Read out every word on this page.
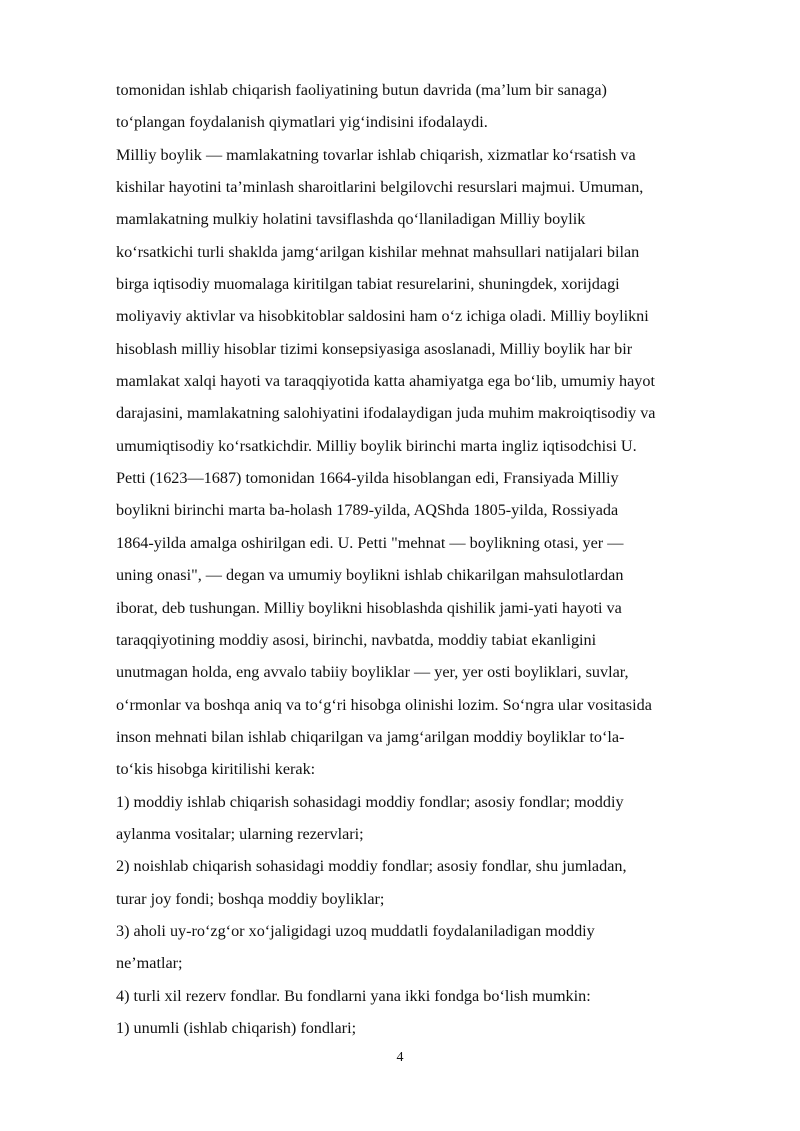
tomonidan ishlab chiqarish faoliyatining butun davrida (ma’lum bir sanaga)
to‘plangan foydalanish qiymatlari yig‘indisini ifodalaydi.
Milliy boylik — mamlakatning tovarlar ishlab chiqarish, xizmatlar ko‘rsatish va
kishilar hayotini ta’minlash sharoitlarini belgilovchi resurslari majmui. Umuman,
mamlakatning mulkiy holatini tavsiflashda qo‘llaniladigan Milliy boylik
ko‘rsatkichi turli shaklda jamg‘arilgan kishilar mehnat mahsullari natijalari bilan
birga iqtisodiy muomalaga kiritilgan tabiat resurelarini, shuningdek, xorijdagi
moliyaviy aktivlar va hisobkitoblar saldosini ham o‘z ichiga oladi. Milliy boylikni
hisoblash milliy hisoblar tizimi konsepsiyasiga asoslanadi, Milliy boylik har bir
mamlakat xalqi hayoti va taraqqiyotida katta ahamiyatga ega bo‘lib, umumiy hayot
darajasini, mamlakatning salohiyatini ifodalaydigan juda muhim makroiqtisodiy va
umumiqtisodiy ko‘rsatkichdir. Milliy boylik birinchi marta ingliz iqtisodchisi U.
Petti (1623—1687) tomonidan 1664-yilda hisoblangan edi, Fransiyada Milliy
boylikni birinchi marta ba-holash 1789-yilda, AQShda 1805-yilda, Rossiyada
1864-yilda amalga oshirilgan edi. U. Petti "mehnat — boylikning otasi, yer —
uning onasi", — degan va umumiy boylikni ishlab chikarilgan mahsulotlardan
iborat, deb tushungan. Milliy boylikni hisoblashda qishilik jami-yati hayoti va
taraqqiyotining moddiy asosi, birinchi, navbatda, moddiy tabiat ekanligini
unutmagan holda, eng avvalo tabiiy boyliklar — yer, yer osti boyliklari, suvlar,
o‘rmonlar va boshqa aniq va to‘g‘ri hisobga olinishi lozim. So‘ngra ular vositasida
inson mehnati bilan ishlab chiqarilgan va jamg‘arilgan moddiy boyliklar to‘la-
to‘kis hisobga kiritilishi kerak:
1) moddiy ishlab chiqarish sohasidagi moddiy fondlar; asosiy fondlar; moddiy
aylanma vositalar; ularning rezervlari;
2) noishlab chiqarish sohasidagi moddiy fondlar; asosiy fondlar, shu jumladan,
turar joy fondi; boshqa moddiy boyliklar;
3) aholi uy-ro‘zg‘or xo‘jaligidagi uzoq muddatli foydalaniladigan moddiy
ne’matlar;
4) turli xil rezerv fondlar. Bu fondlarni yana ikki fondga bo‘lish mumkin:
1) unumli (ishlab chiqarish) fondlari;
4
